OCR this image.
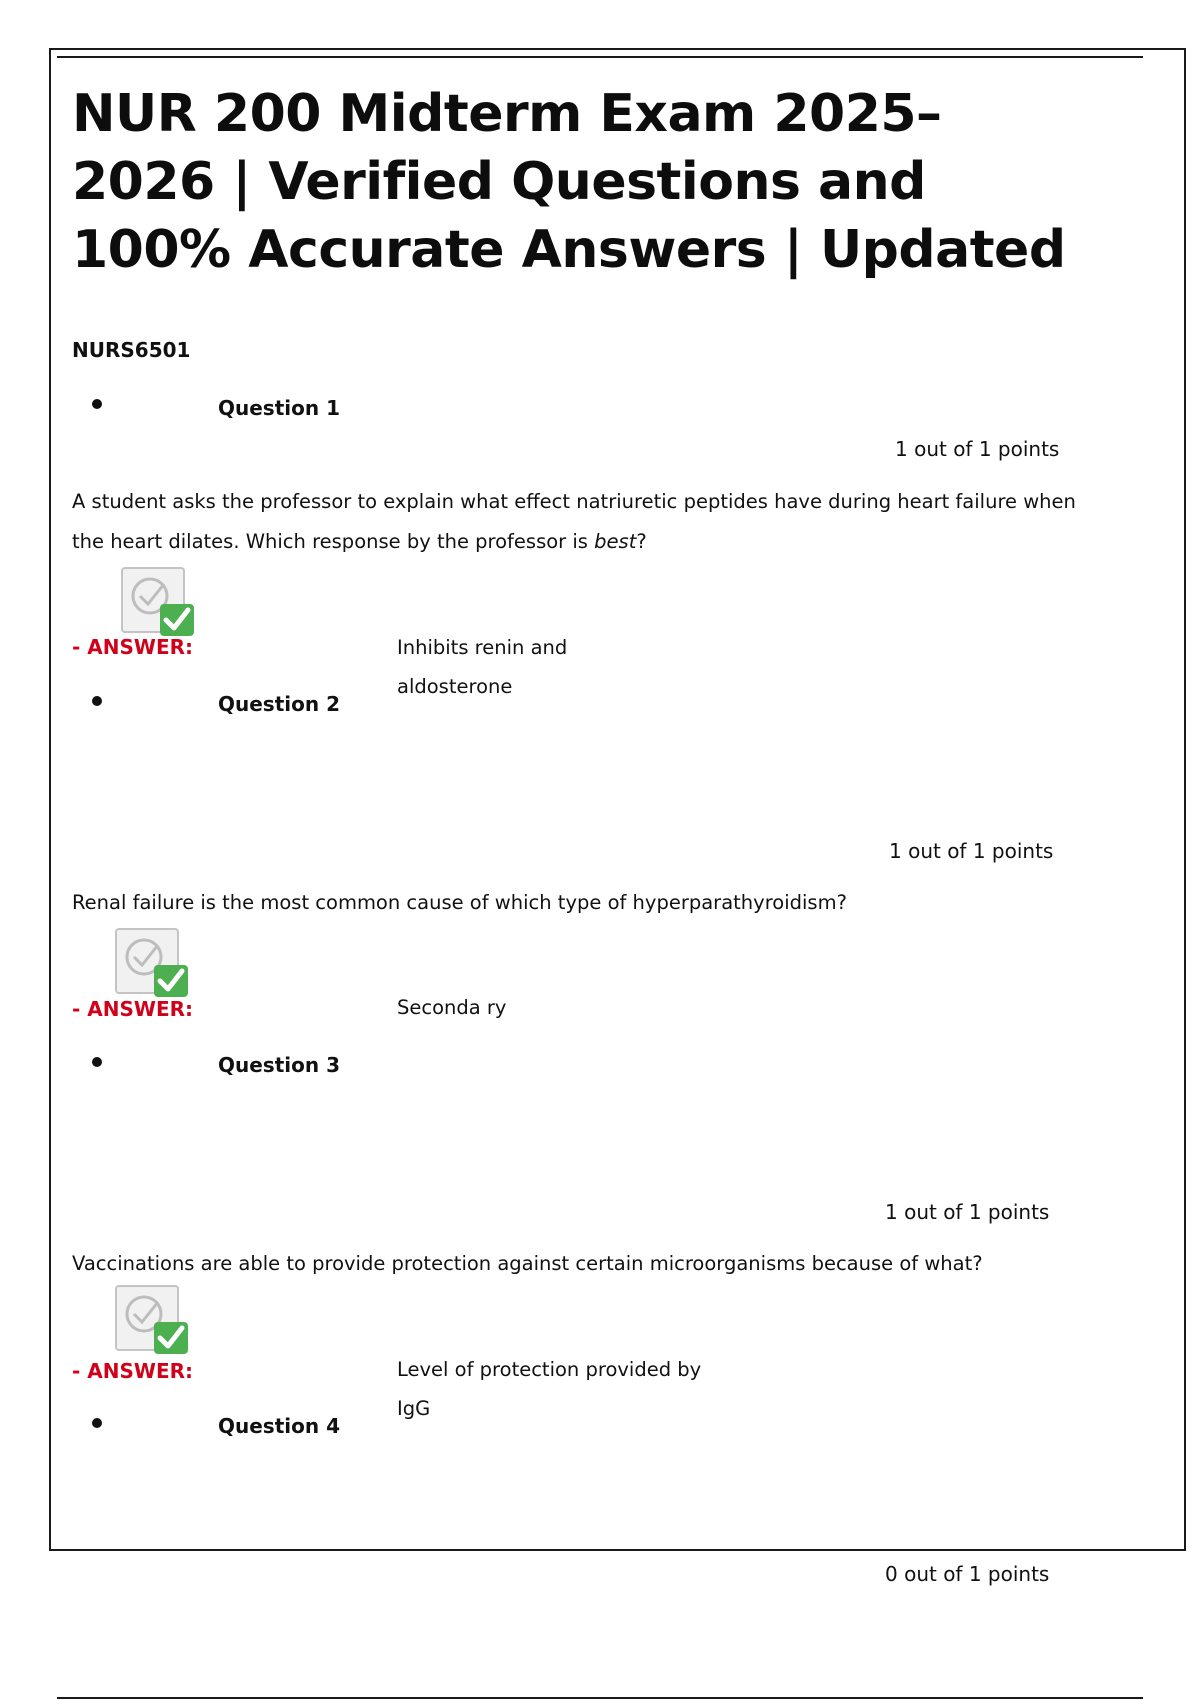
NUR 200 Midterm Exam 2025–2026 | Verified Questions and 100% Accurate Answers | Updated
NURS6501
Question 1
1 out of 1 points
A student asks the professor to explain what effect natriuretic peptides have during heart failure when the heart dilates. Which response by the professor is best?
- ANSWER:	Inhibits renin and aldosterone
Question 2
1 out of 1 points
Renal failure is the most common cause of which type of hyperparathyroidism?
- ANSWER:	Seconda ry
Question 3
1 out of 1 points
Vaccinations are able to provide protection against certain microorganisms because of what?
- ANSWER:	Level of protection provided by IgG
Question 4
0 out of 1 points
